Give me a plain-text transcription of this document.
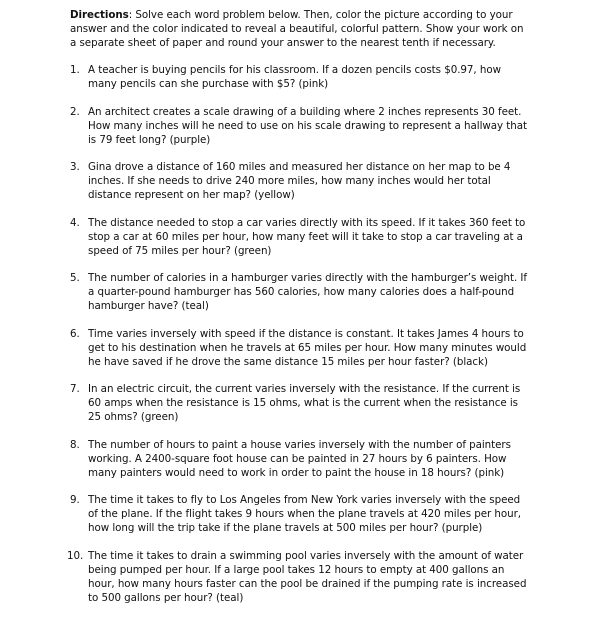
Directions: Solve each word problem below. Then, color the picture according to your answer and the color indicated to reveal a beautiful, colorful pattern. Show your work on a separate sheet of paper and round your answer to the nearest tenth if necessary.

1. A teacher is buying pencils for his classroom. If a dozen pencils costs $0.97, how many pencils can she purchase with $5? (pink)
2. An architect creates a scale drawing of a building where 2 inches represents 30 feet. How many inches will he need to use on his scale drawing to represent a hallway that is 79 feet long? (purple)
3. Gina drove a distance of 160 miles and measured her distance on her map to be 4 inches. If she needs to drive 240 more miles, how many inches would her total distance represent on her map? (yellow)
4. The distance needed to stop a car varies directly with its speed. If it takes 360 feet to stop a car at 60 miles per hour, how many feet will it take to stop a car traveling at a speed of 75 miles per hour? (green)
5. The number of calories in a hamburger varies directly with the hamburger’s weight. If a quarter-pound hamburger has 560 calories, how many calories does a half-pound hamburger have? (teal)
6. Time varies inversely with speed if the distance is constant. It takes James 4 hours to get to his destination when he travels at 65 miles per hour. How many minutes would he have saved if he drove the same distance 15 miles per hour faster? (black)
7. In an electric circuit, the current varies inversely with the resistance. If the current is 60 amps when the resistance is 15 ohms, what is the current when the resistance is 25 ohms? (green)
8. The number of hours to paint a house varies inversely with the number of painters working. A 2400-square foot house can be painted in 27 hours by 6 painters. How many painters would need to work in order to paint the house in 18 hours? (pink)
9. The time it takes to fly to Los Angeles from New York varies inversely with the speed of the plane. If the flight takes 9 hours when the plane travels at 420 miles per hour, how long will the trip take if the plane travels at 500 miles per hour? (purple)
10. The time it takes to drain a swimming pool varies inversely with the amount of water being pumped per hour. If a large pool takes 12 hours to empty at 400 gallons an hour, how many hours faster can the pool be drained if the pumping rate is increased to 500 gallons per hour? (teal)
